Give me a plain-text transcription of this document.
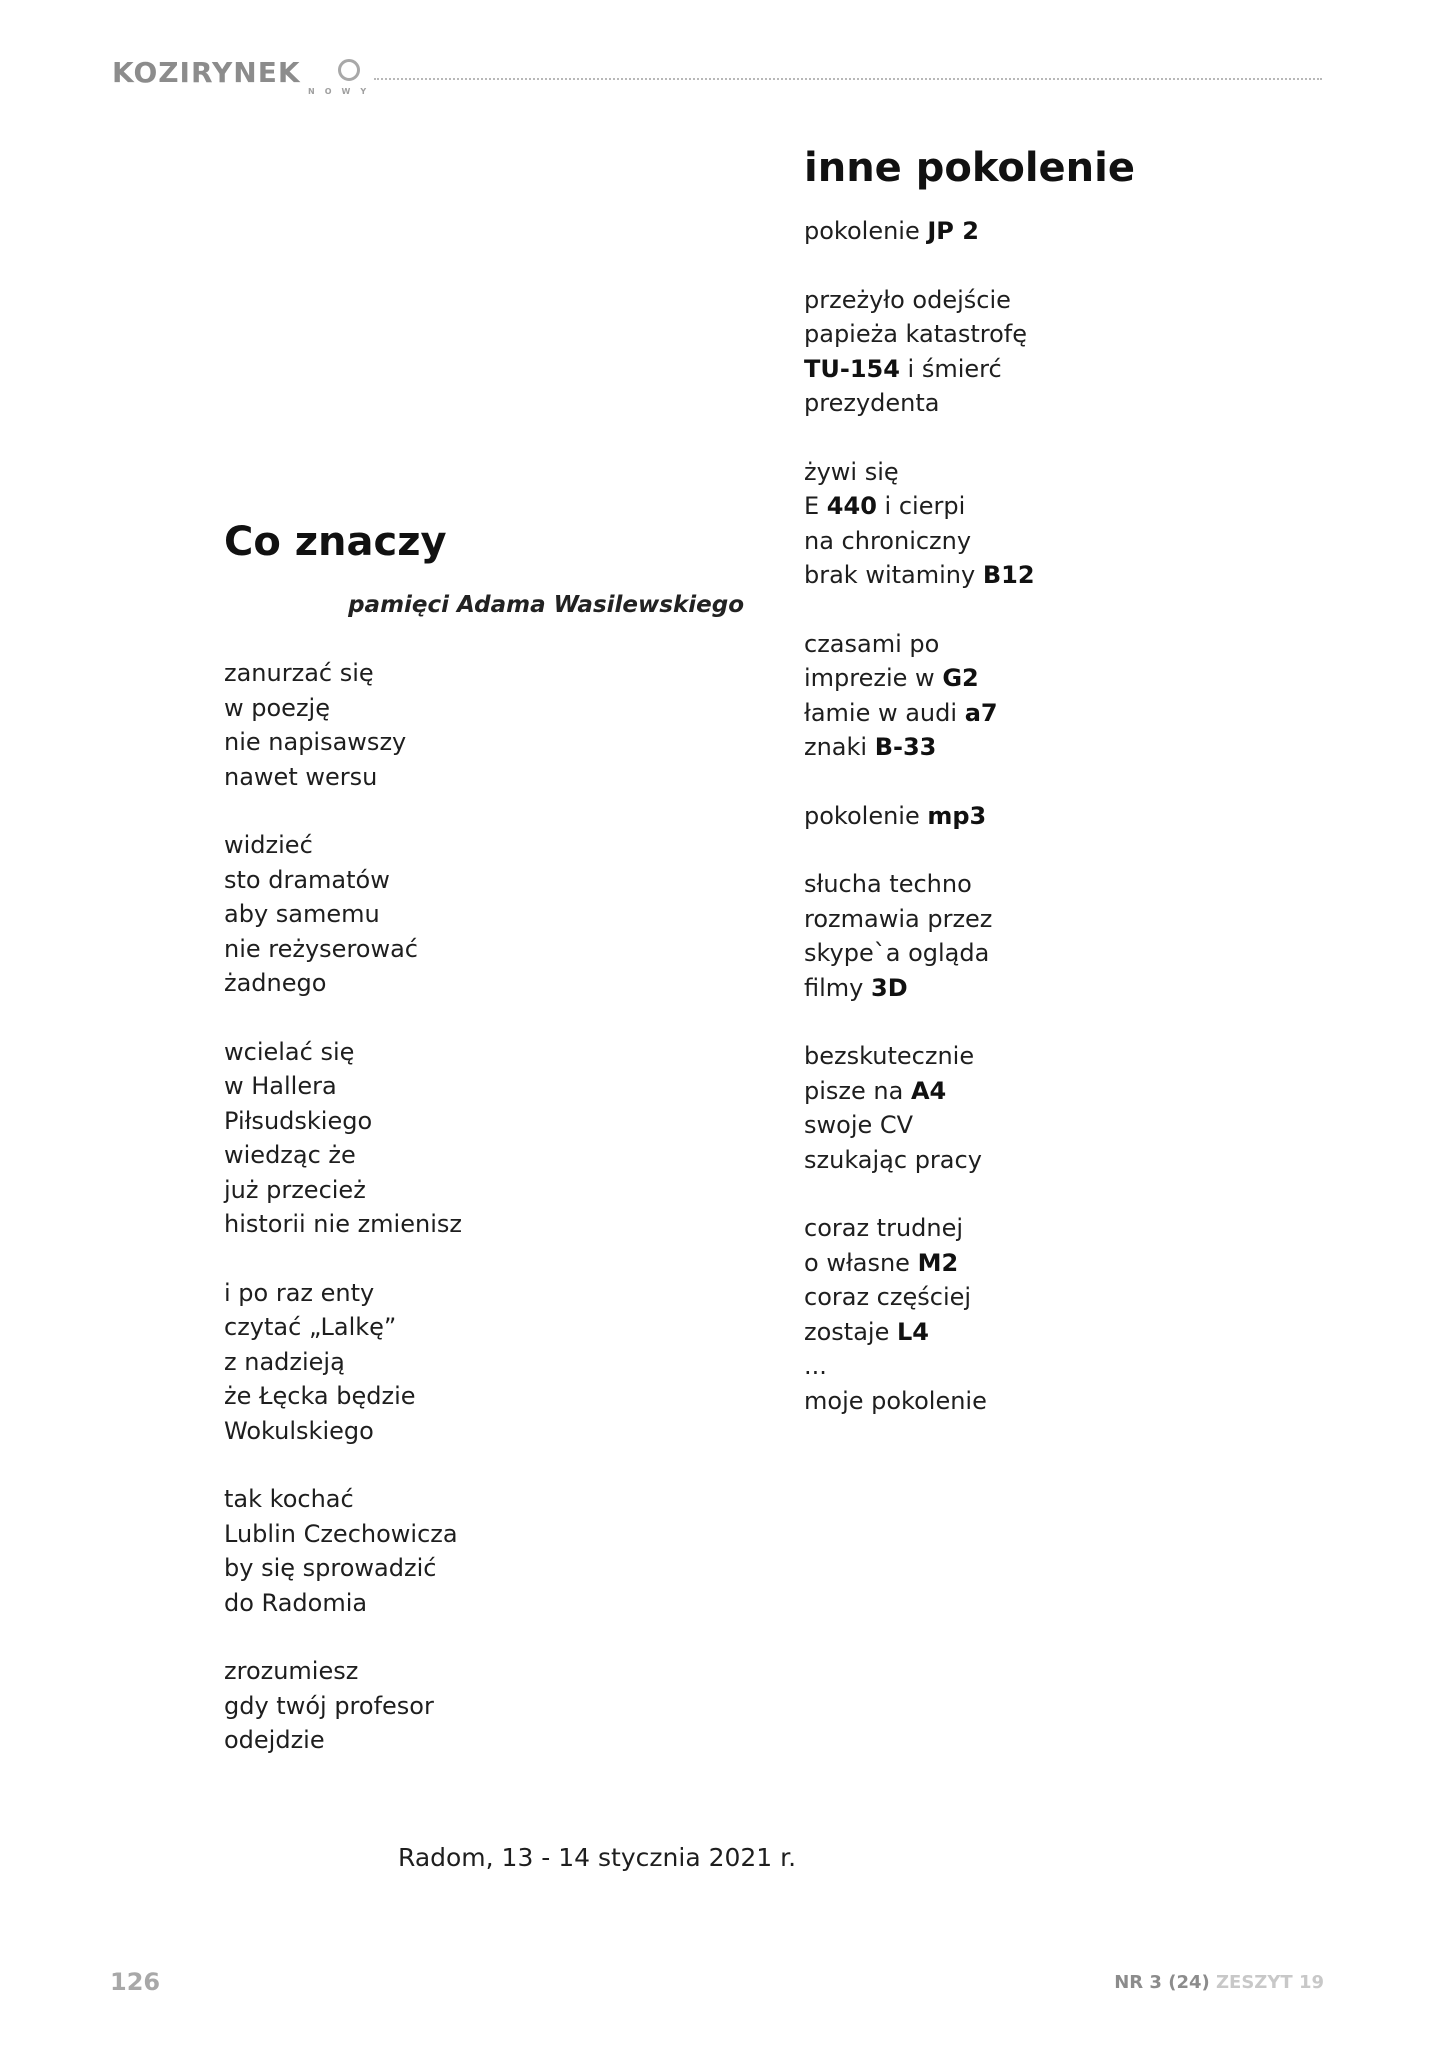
KOZIRYNEK
NOWY
Co znaczy
pamięci Adama Wasilewskiego
zanurzać się
w poezję
nie napisawszy
nawet wersu
widzieć
sto dramatów
aby samemu
nie reżyserować
żadnego
wcielać się
w Hallera
Piłsudskiego
wiedząc że
już przecież
historii nie zmienisz
i po raz enty
czytać „Lalkę”
z nadzieją
że Łęcka będzie
Wokulskiego
tak kochać
Lublin Czechowicza
by się sprowadzić
do Radomia
zrozumiesz
gdy twój profesor
odejdzie
Radom, 13 - 14 stycznia 2021 r.
inne pokolenie
pokolenie JP 2
przeżyło odejście
papieża katastrofę
TU-154 i śmierć
prezydenta
żywi się
E 440 i cierpi
na chroniczny
brak witaminy B12
czasami po
imprezie w G2
łamie w audi a7
znaki B-33
pokolenie mp3
słucha techno
rozmawia przez
skype`a ogląda
filmy 3D
bezskutecznie
pisze na A4
swoje CV
szukając pracy
coraz trudnej
o własne M2
coraz częściej
zostaje L4
...
moje pokolenie
126	NR 3 (24) ZESZYT 19
